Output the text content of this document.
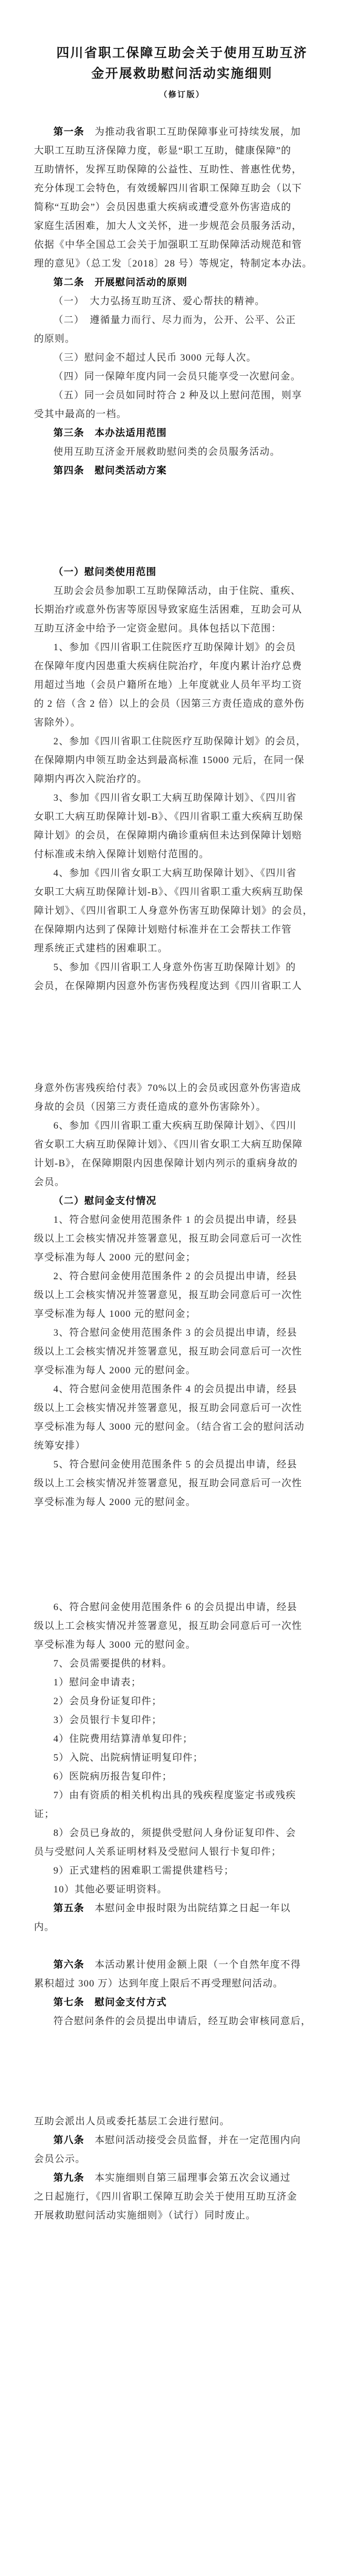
四川省职工保障互助会关于使用互助互济
金开展救助慰问活动实施细则
（修订版）
第一条　为推动我省职工互助保障事业可持续发展，加
大职工互助互济保障力度，彰显“职工互助，健康保障”的
互助情怀，发挥互助保障的公益性、互助性、普惠性优势，
充分体现工会特色，有效缓解四川省职工保障互助会（以下
简称“互助会”）会员因患重大疾病或遭受意外伤害造成的
家庭生活困难，加大人文关怀，进一步规范会员服务活动，
依据《中华全国总工会关于加强职工互助保障活动规范和管
理的意见》（总工发〔2018〕28 号）等规定，特制定本办法。
第二条　开展慰问活动的原则
（一）　大力弘扬互助互济、爱心帮扶的精神。
（二）　遵循量力而行、尽力而为，公开、公平、公正
的原则。
（三）慰问金不超过人民币 3000 元每人次。
（四）同一保障年度内同一会员只能享受一次慰问金。
（五）同一会员如同时符合 2 种及以上慰问范围，则享
受其中最高的一档。
第三条　本办法适用范围
使用互助互济金开展救助慰问类的会员服务活动。
第四条　慰问类活动方案
（一）慰问类使用范围
互助会会员参加职工互助保障活动，由于住院、重疾、
长期治疗或意外伤害等原因导致家庭生活困难，互助会可从
互助互济金中给予一定资金慰问。具体包括以下范围：
1、参加《四川省职工住院医疗互助保障计划》的会员
在保障年度内因患重大疾病住院治疗，年度内累计治疗总费
用超过当地（会员户籍所在地）上年度就业人员年平均工资
的 2 倍（含 2 倍）以上的会员（因第三方责任造成的意外伤
害除外）。
2、参加《四川省职工住院医疗互助保障计划》的会员，
在保障期内申领互助金达到最高标准 15000 元后，在同一保
障期内再次入院治疗的。
3、参加《四川省女职工大病互助保障计划》、《四川省
女职工大病互助保障计划-B》、《四川省职工重大疾病互助保
障计划》的会员，在保障期内确诊重病但未达到保障计划赔
付标准或未纳入保障计划赔付范围的。
4、参加《四川省女职工大病互助保障计划》、《四川省
女职工大病互助保障计划-B》、《四川省职工重大疾病互助保
障计划》、《四川省职工人身意外伤害互助保障计划》的会员，
在保障期内达到了保障计划赔付标准并在工会帮扶工作管
理系统正式建档的困难职工。
5、参加《四川省职工人身意外伤害互助保障计划》的
会员，在保障期内因意外伤害伤残程度达到《四川省职工人
身意外伤害残疾给付表》70%以上的会员或因意外伤害造成
身故的会员（因第三方责任造成的意外伤害除外）。
6、参加《四川省职工重大疾病互助保障计划》、《四川
省女职工大病互助保障计划》、《四川省女职工大病互助保障
计划-B》，在保障期限内因患保障计划内列示的重病身故的
会员。
（二）慰问金支付情况
1、符合慰问金使用范围条件 1 的会员提出申请，经县
级以上工会核实情况并签署意见，报互助会同意后可一次性
享受标准为每人 2000 元的慰问金；
2、符合慰问金使用范围条件 2 的会员提出申请，经县
级以上工会核实情况并签署意见，报互助会同意后可一次性
享受标准为每人 1000 元的慰问金；
3、符合慰问金使用范围条件 3 的会员提出申请，经县
级以上工会核实情况并签署意见，报互助会同意后可一次性
享受标准为每人 2000 元的慰问金。
4、符合慰问金使用范围条件 4 的会员提出申请，经县
级以上工会核实情况并签署意见，报互助会同意后可一次性
享受标准为每人 3000 元的慰问金。（结合省工会的慰问活动
统筹安排）
5、符合慰问金使用范围条件 5 的会员提出申请，经县
级以上工会核实情况并签署意见，报互助会同意后可一次性
享受标准为每人 2000 元的慰问金。
6、符合慰问金使用范围条件 6 的会员提出申请，经县
级以上工会核实情况并签署意见，报互助会同意后可一次性
享受标准为每人 3000 元的慰问金。
7、会员需要提供的材料。
1）慰问金申请表；
2）会员身份证复印件；
3）会员银行卡复印件；
4）住院费用结算清单复印件；
5）入院、出院病情证明复印件；
6）医院病历报告复印件；
7）由有资质的相关机构出具的残疾程度鉴定书或残疾
证；
8）会员已身故的，须提供受慰问人身份证复印件、会
员与受慰问人关系证明材料及受慰问人银行卡复印件；
9）正式建档的困难职工需提供建档号；
10）其他必要证明资料。
第五条　本慰问金申报时限为出院结算之日起一年以
内。
第六条　本活动累计使用金额上限（一个自然年度不得
累积超过 300 万）达到年度上限后不再受理慰问活动。
第七条　慰问金支付方式
符合慰问条件的会员提出申请后，经互助会审核同意后，
互助会派出人员或委托基层工会进行慰问。
第八条　本慰问活动接受会员监督，并在一定范围内向
会员公示。
第九条　本实施细则自第三届理事会第五次会议通过
之日起施行，《四川省职工保障互助会关于使用互助互济金
开展救助慰问活动实施细则》（试行）同时废止。
